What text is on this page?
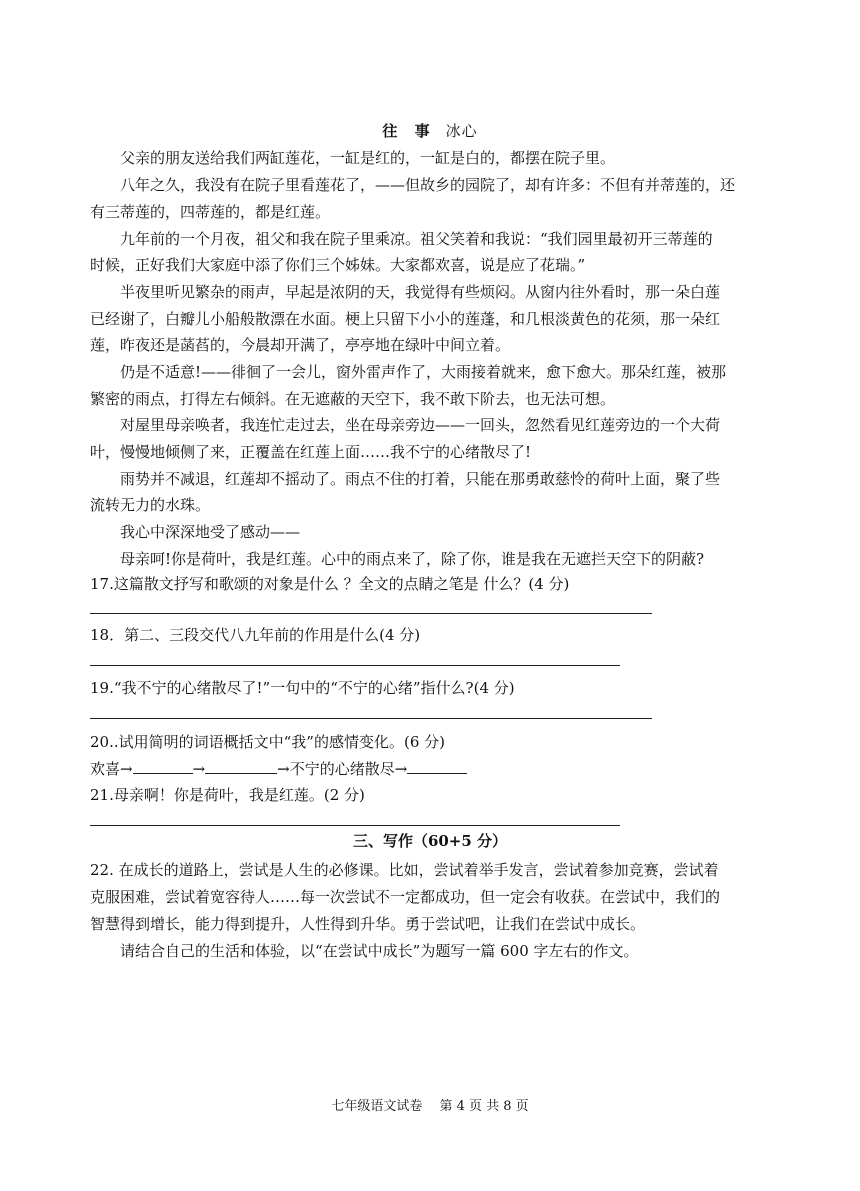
往 事 冰心
父亲的朋友送给我们两缸莲花，一缸是红的，一缸是白的，都摆在院子里。
八年之久，我没有在院子里看莲花了，——但故乡的园院了，却有许多：不但有并蒂莲的，还
有三蒂莲的，四蒂莲的，都是红莲。
九年前的一个月夜，祖父和我在院子里乘凉。祖父笑着和我说：“我们园里最初开三蒂莲的
时候，正好我们大家庭中添了你们三个姊妹。大家都欢喜，说是应了花瑞。”
半夜里听见繁杂的雨声，早起是浓阴的天，我觉得有些烦闷。从窗内往外看时，那一朵白莲
已经谢了，白瓣儿小船般散漂在水面。梗上只留下小小的莲蓬，和几根淡黄色的花须，那一朵红
莲，昨夜还是菡萏的，今晨却开满了，亭亭地在绿叶中间立着。
仍是不适意!——徘徊了一会儿，窗外雷声作了，大雨接着就来，愈下愈大。那朵红莲，被那
繁密的雨点，打得左右倾斜。在无遮蔽的天空下，我不敢下阶去，也无法可想。
对屋里母亲唤者，我连忙走过去，坐在母亲旁边——一回头，忽然看见红莲旁边的一个大荷
叶，慢慢地倾侧了来，正覆盖在红莲上面……我不宁的心绪散尽了!
雨势并不减退，红莲却不摇动了。雨点不住的打着，只能在那勇敢慈怜的荷叶上面，聚了些
流转无力的水珠。
我心中深深地受了感动——
母亲呵!你是荷叶，我是红莲。心中的雨点来了，除了你，谁是我在无遮拦天空下的阴蔽?
17.这篇散文抒写和歌颂的对象是什么 ？全文的点睛之笔是 什么？(4 分)
18．第二、三段交代八九年前的作用是什么(4 分)
19.“我不宁的心绪散尽了!”一句中的“不宁的心绪”指什么?(4 分)
20..试用简明的词语概括文中“我”的感情变化。(6 分)
欢喜→	→	→不宁的心绪散尽→
21.母亲啊！你是荷叶，我是红莲。(2 分)
三、写作（60+5 分）
22. 在成长的道路上，尝试是人生的必修课。比如，尝试着举手发言，尝试着参加竞赛，尝试着
克服困难，尝试着宽容待人……每一次尝试不一定都成功，但一定会有收获。在尝试中，我们的
智慧得到增长，能力得到提升，人性得到升华。勇于尝试吧，让我们在尝试中成长。
请结合自己的生活和体验，以“在尝试中成长”为题写一篇 600 字左右的作文。
七年级语文试卷　 第 4 页 共 8 页
